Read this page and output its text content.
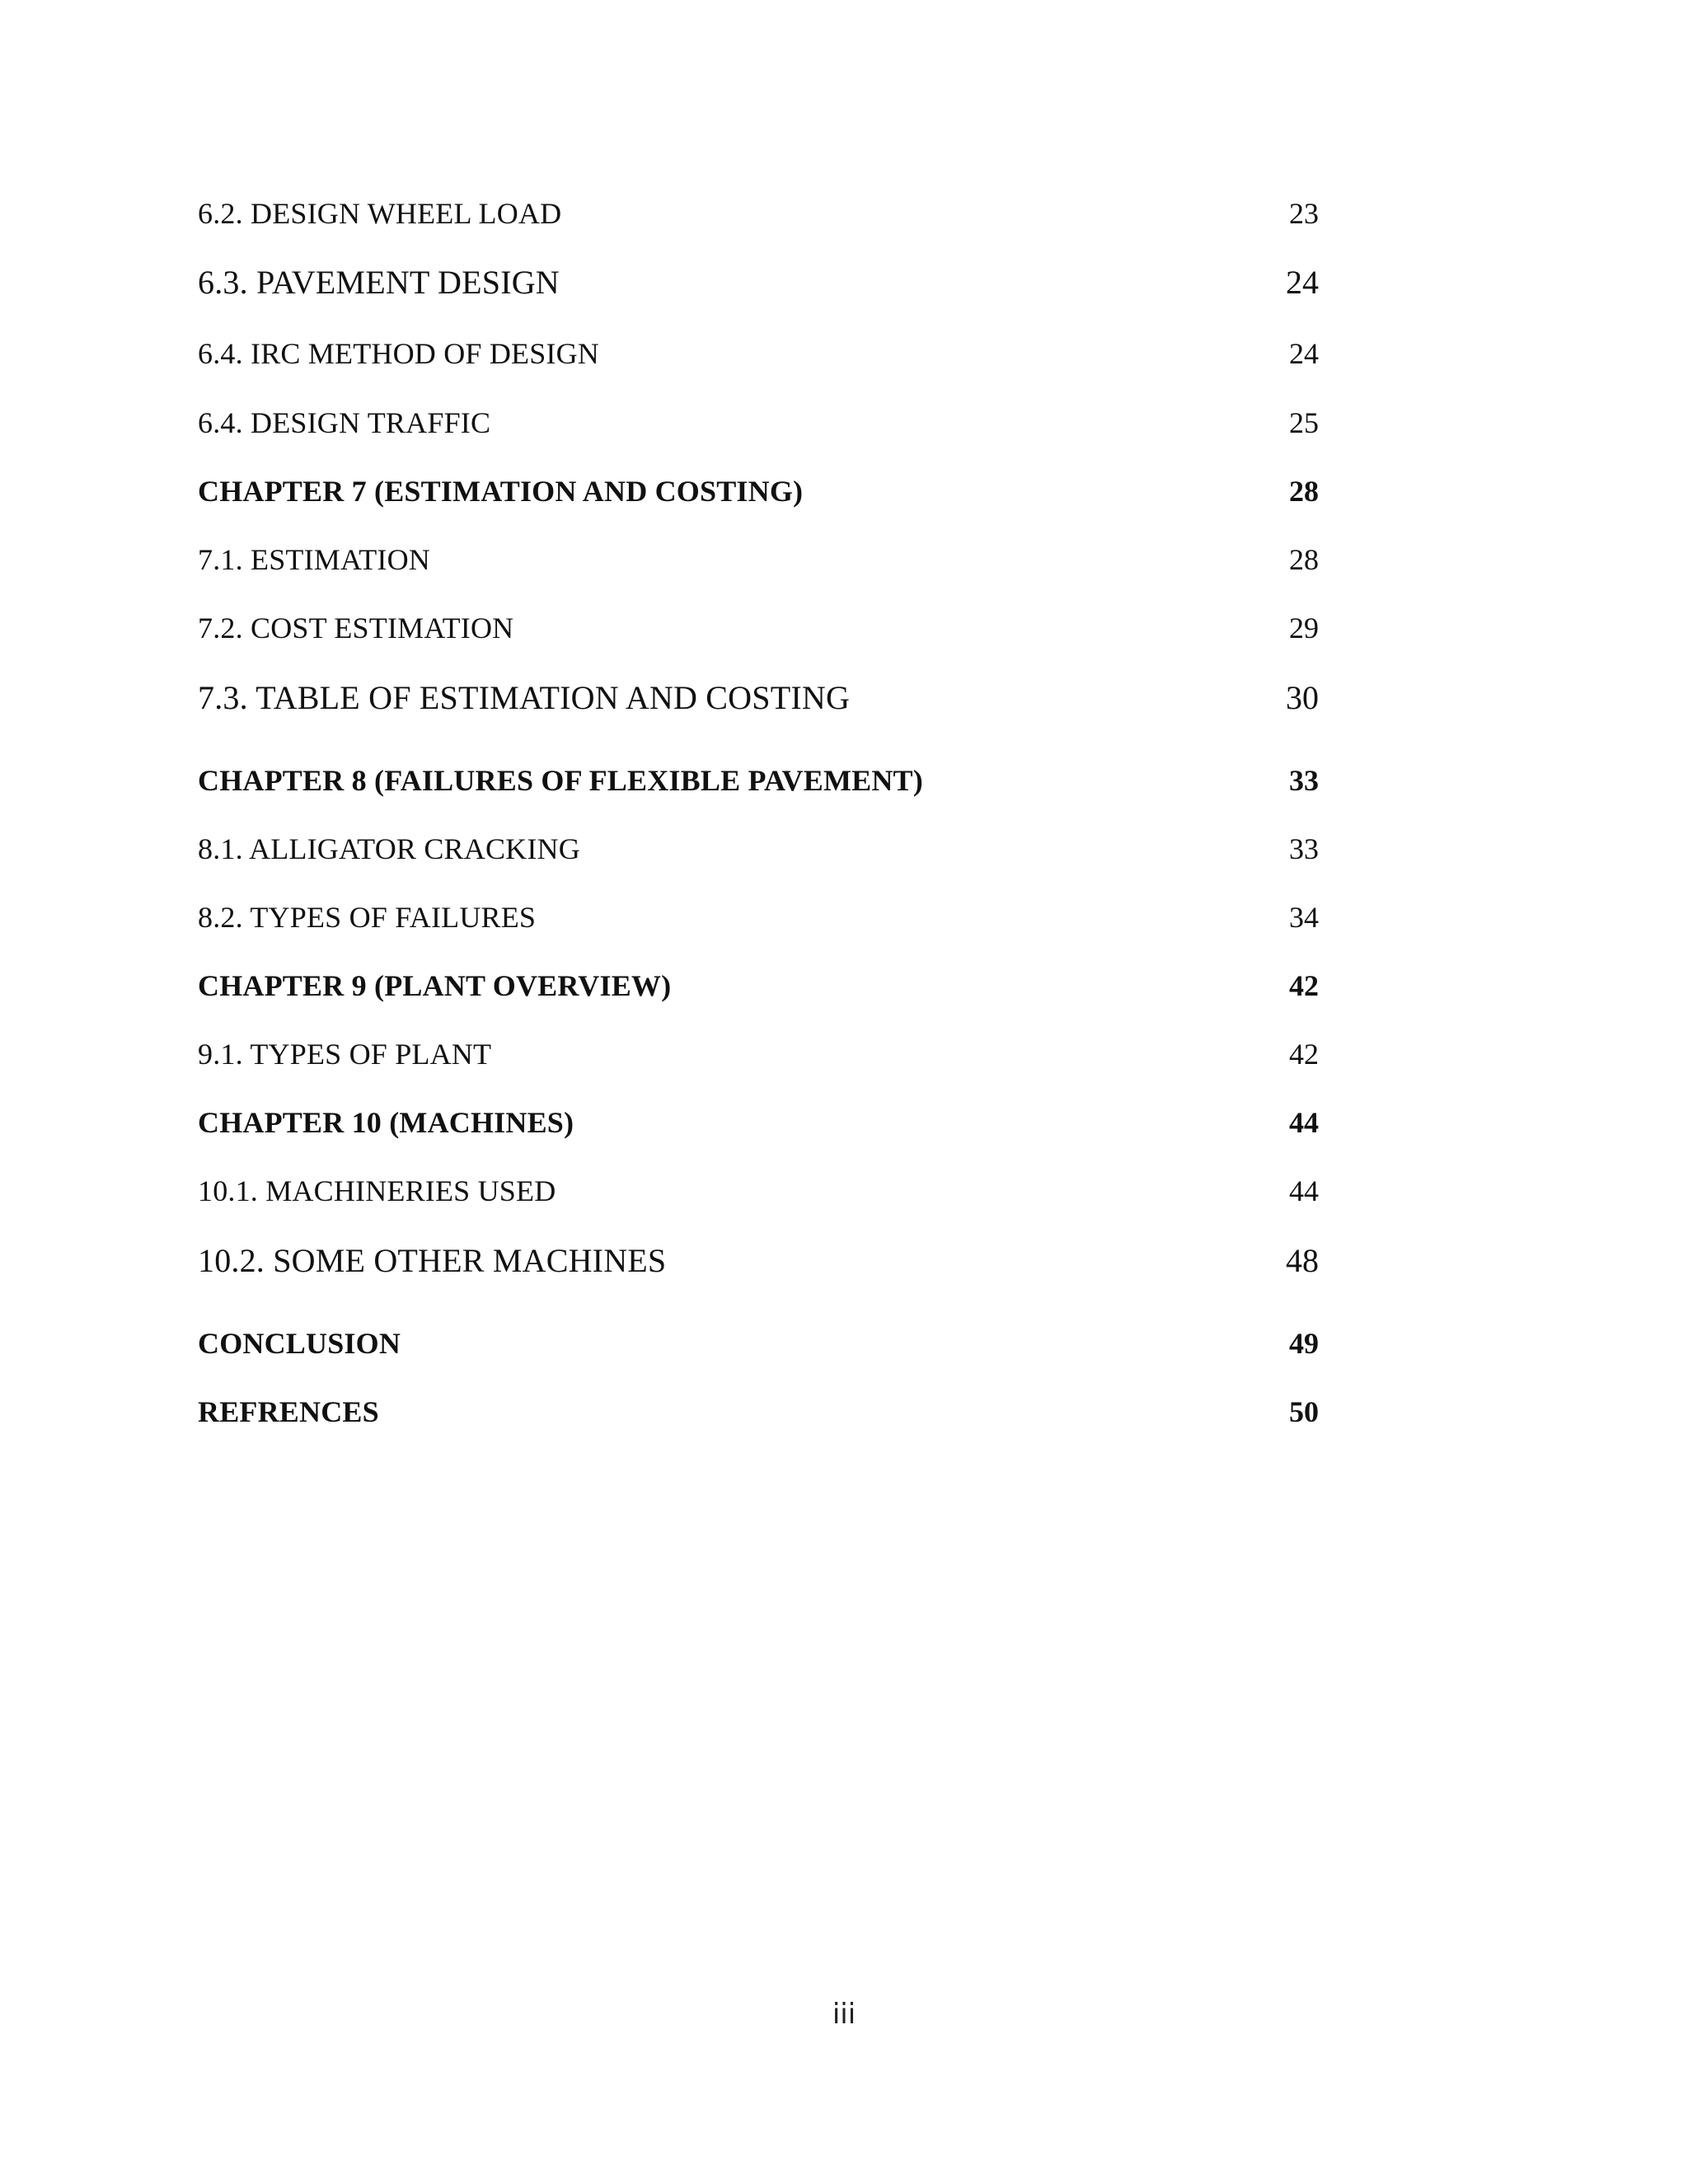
6.2. DESIGN WHEEL LOAD	23
6.3. PAVEMENT DESIGN	24
6.4. IRC METHOD OF DESIGN	24
6.4. DESIGN TRAFFIC	25
CHAPTER 7 (ESTIMATION AND COSTING)	28
7.1. ESTIMATION	28
7.2. COST ESTIMATION	29
7.3. TABLE OF ESTIMATION AND COSTING	30
CHAPTER 8 (FAILURES OF FLEXIBLE PAVEMENT)	33
8.1. ALLIGATOR CRACKING	33
8.2. TYPES OF FAILURES	34
CHAPTER 9 (PLANT OVERVIEW)	42
9.1. TYPES OF PLANT	42
CHAPTER 10 (MACHINES)	44
10.1. MACHINERIES USED	44
10.2. SOME OTHER MACHINES	48
CONCLUSION	49
REFRENCES	50
iii
